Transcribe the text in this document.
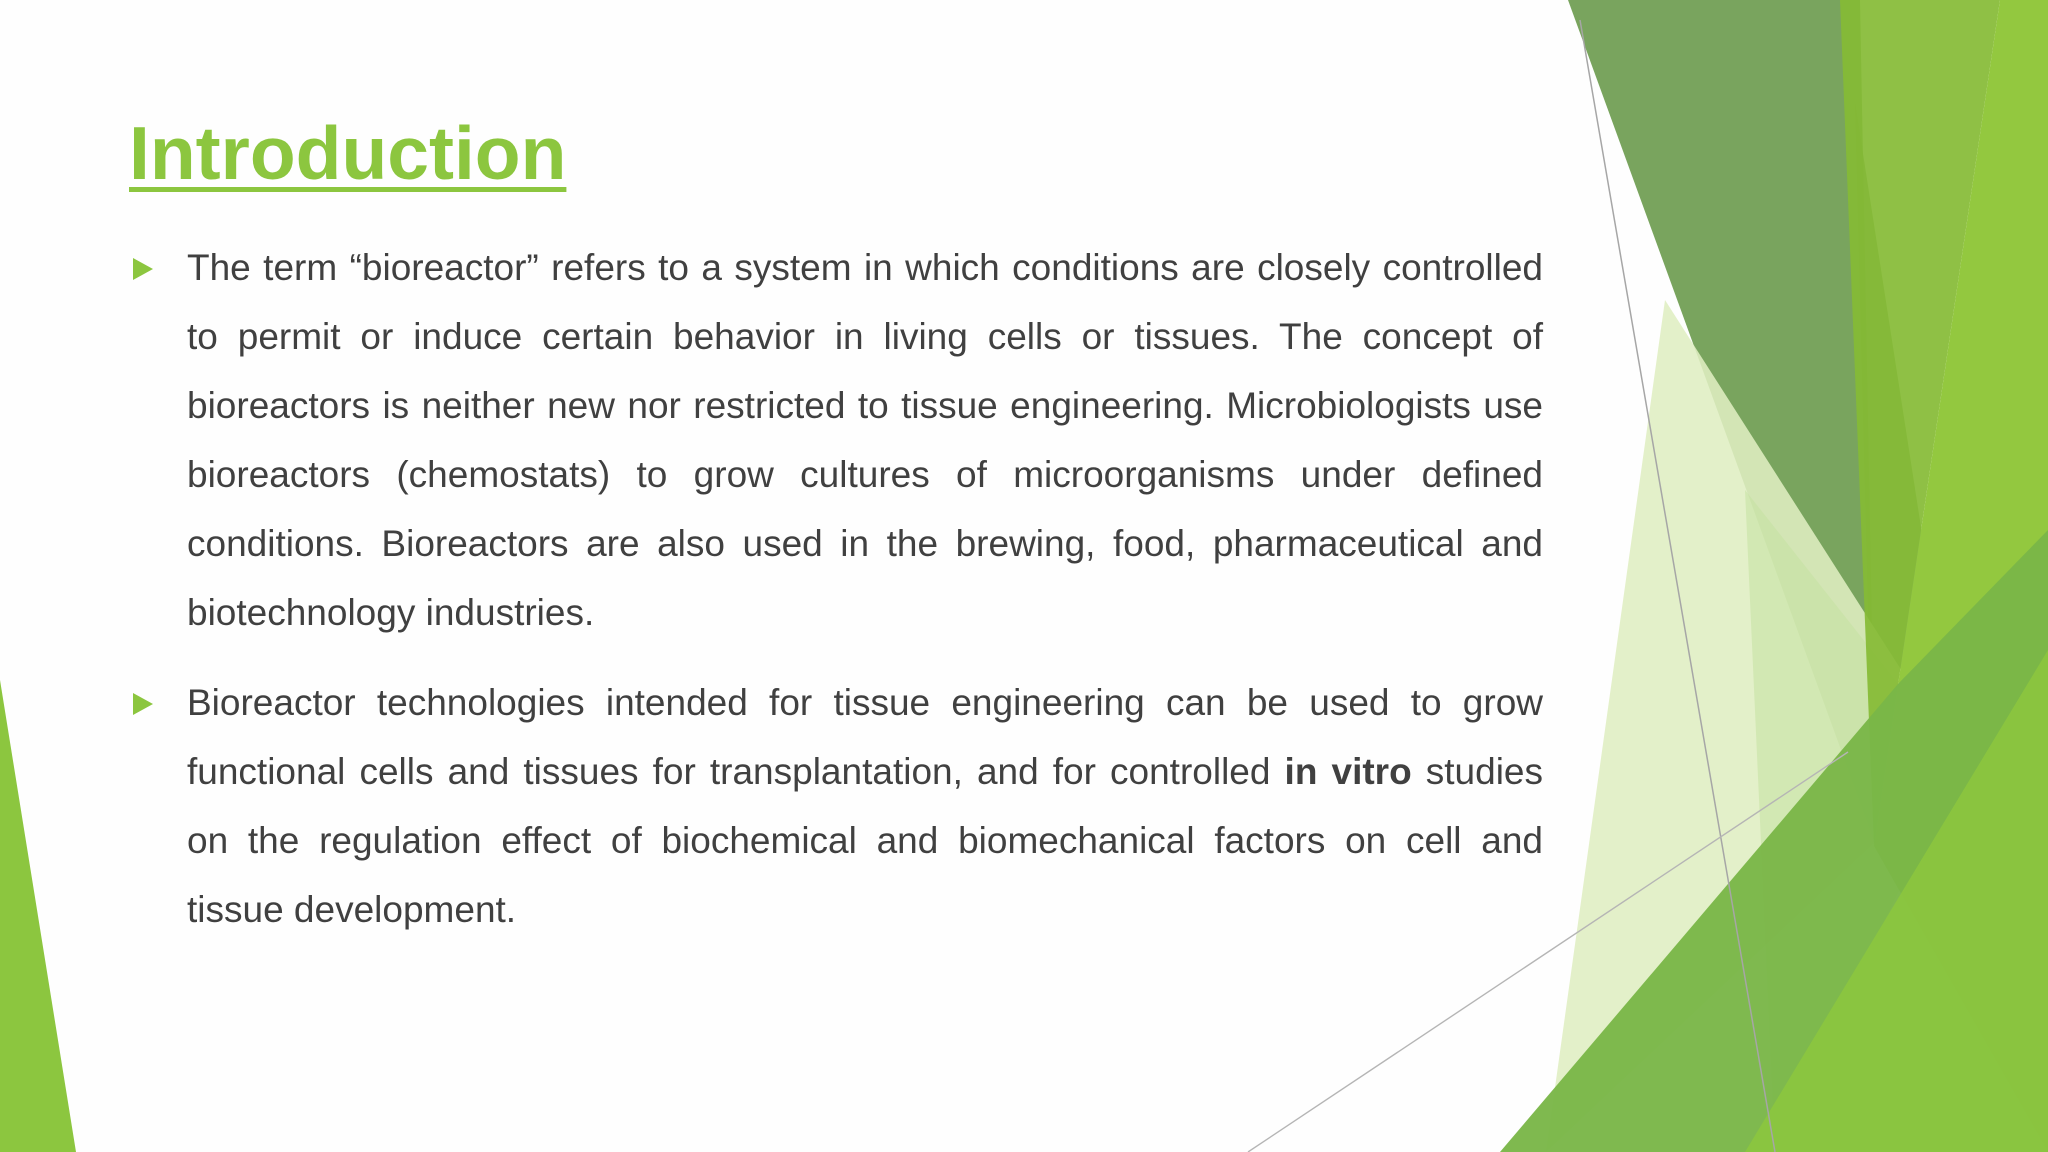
Introduction
The term “bioreactor” refers to a system in which conditions are closely controlled to permit or induce certain behavior in living cells or tissues. The concept of bioreactors is neither new nor restricted to tissue engineering. Microbiologists use bioreactors (chemostats) to grow cultures of microorganisms under defined conditions. Bioreactors are also used in the brewing, food, pharmaceutical and biotechnology industries.
Bioreactor technologies intended for tissue engineering can be used to grow functional cells and tissues for transplantation, and for controlled in vitro studies on the regulation effect of biochemical and biomechanical factors on cell and tissue development.
